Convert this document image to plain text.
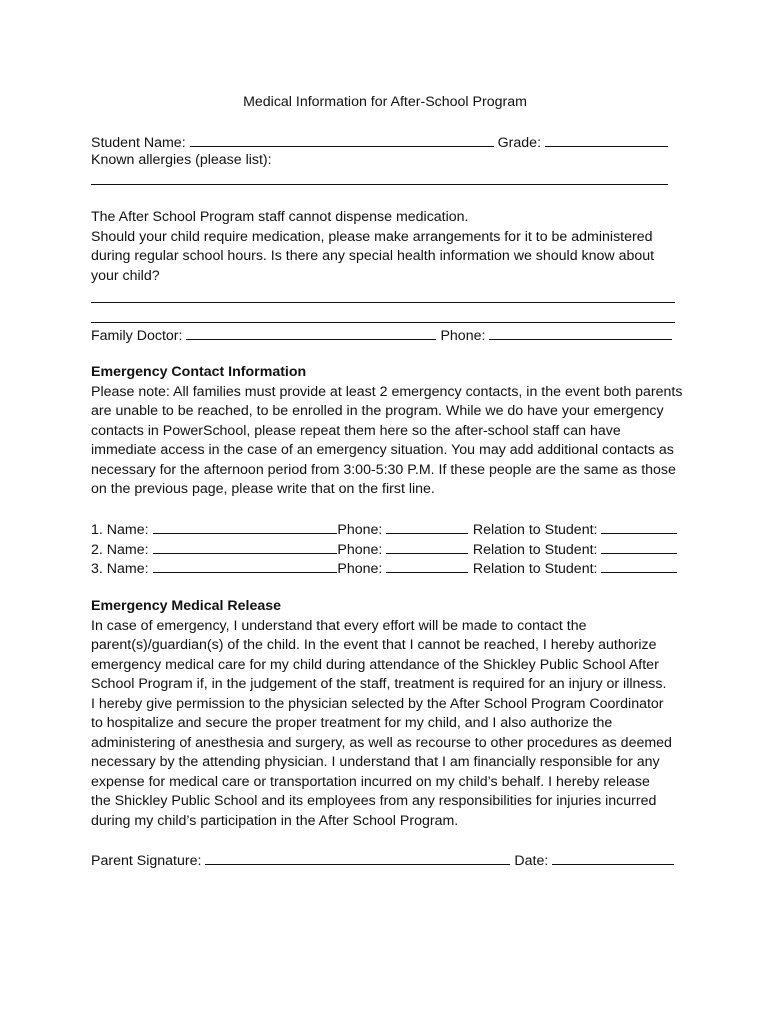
Medical Information for After-School Program
Student Name:	Grade:
Known allergies (please list):
The After School Program staff cannot dispense medication.
Should your child require medication, please make arrangements for it to be administered during regular school hours. Is there any special health information we should know about your child?
Family Doctor:	Phone:
Emergency Contact Information
Please note: All families must provide at least 2 emergency contacts, in the event both parents are unable to be reached, to be enrolled in the program. While we do have your emergency contacts in PowerSchool, please repeat them here so the after-school staff can have immediate access in the case of an emergency situation. You may add additional contacts as necessary for the afternoon period from 3:00-5:30 P.M. If these people are the same as those on the previous page, please write that on the first line.
1. Name:	Phone:	Relation to Student:
2. Name:	Phone:	Relation to Student:
3. Name:	Phone:	Relation to Student:
Emergency Medical Release
In case of emergency, I understand that every effort will be made to contact the parent(s)/guardian(s) of the child. In the event that I cannot be reached, I hereby authorize emergency medical care for my child during attendance of the Shickley Public School After School Program if, in the judgement of the staff, treatment is required for an injury or illness. I hereby give permission to the physician selected by the After School Program Coordinator to hospitalize and secure the proper treatment for my child, and I also authorize the administering of anesthesia and surgery, as well as recourse to other procedures as deemed necessary by the attending physician. I understand that I am financially responsible for any expense for medical care or transportation incurred on my child’s behalf. I hereby release the Shickley Public School and its employees from any responsibilities for injuries incurred during my child’s participation in the After School Program.
Parent Signature:	Date:
